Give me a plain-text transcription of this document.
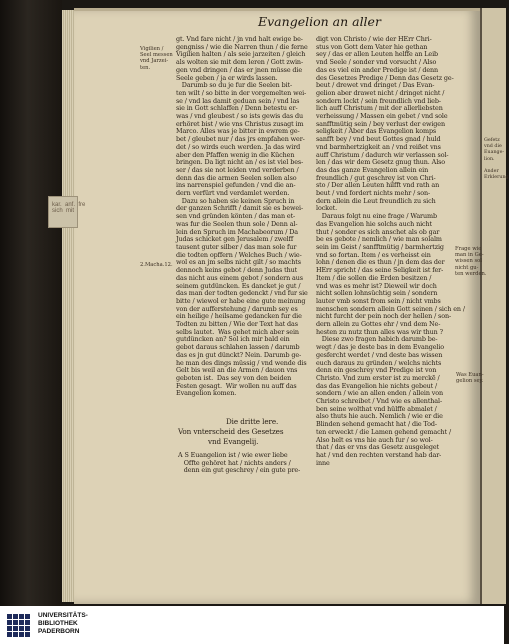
Gefetz
vnd die
Euange-
lion.

Ander
Erklerung
kar.  anf.  fre
sich  mit
Evangelion an aller
Vigilien /
Seel messen
vnd Jarzei-
ten.
2.Macha.12.
Frage wie
man in Ge-
wissen sol
nicht gu-
ten werden.
Was Euan-
gelion sey.
gt. Vnd fare nicht / jn vnd halt ewige be-
gengniss / wie die Narren thun / die ferne
Vigilien halten / als seie jarzeiten / gleich
als wolten sie mit dem leren / Gott zwin-
gen vnd dringen / das er jnen müsse die
Seele geben / ja er wirds lassen.
Darumb so du je fur die Seelen bit-
ten wilt / so bitte in der vorgemelten wei-
se / vnd las damit geduan sein / vnd las
sie in Gott schlaffen / Denn betestu er-
was / vnd gleubest / so ists gewis das du
erhöret bist / wie vns Christus zusagt im
Marco. Alles was je bitter in ewrem ge-
bet / gleubet nur / das jrs empfahen wer-
det / so wirds euch werden. Ja das wird
aber den Pfaffen wenig in die Küchen
bringen. Da ligt nicht an / es ist viel bes-
ser / das sie not leiden vnd verderben /
denn das die armen Seelen sollen also
ins narrenspiel gefunden / vnd die an-
dern verfürt vnd verdamlet werden.
Dazu so haben sie keinen Spruch in
der ganzen Schrifft / damit sie es bewei-
sen vnd gründen könten / das man et-
was fur die Seelen thun sole / Denn al-
lein den Spruch im Machabeorum / Da
Judas schicket gen Jerusalem / zwelff
tausent guter silber / das man sole fur
die todten opffern / Welches Buch / wie-
wol es an jm selbs nicht gilt / so machts
dennoch keins gebot / denn Judas thut
das nicht aus einem gebot / sondern aus
seinem gutdüncken. Es dancket je gut /
das man der todten gedenckt / vnd fur sie
bitte / wiewol er habe eine gute meinung
von der aufferstehung / darumb sey es
ein heilige / heilsame gedancken fur die
Todten zu bitten / Wie der Text hat das
selbs lautet.  Was gehet mich aber sein
gutdüncken an? Sol ich mir bald ein
gebot daraus schlahen lassen / darumb
das es jn gut dünckt? Nein. Darumb ge-
he man des dings müssig / vnd wende dis
Gelt bis weil an die Armen / dauon vns
geboten ist.  Das sey von den beiden
Festen gesagt.  Wir wollen nu auff das
Evangelion komen.
Die dritte lere.
Von vnterscheid des Gesetzes
vnd Evangelij.
A S Euangelion ist / wie ewer liebe
Offte gehöret hat / nichts anders /
denn ein gut geschrey / ein gute pre-
digt von Christo / wie der HErr Chri-
stus von Gott dem Vater hie gethan
sey / das er allen Leuten helffe an Leib
vnd Seele / sonder vnd vorsucht / Also
das es viel ein ander Predige ist / denn
des Gesetzes Predige / Denn das Gesetz ge-
beut / drewet vnd dringet / Das Evan-
gelion aber drawet nicht / dringet nicht /
sondern lockt / sein freundlich vnd lieb-
lich auff Christum / mit der allerliebsten
verheissung / Massen ein gebet / vnd sole
sanfftmütig sein / bey verlust der ewigen
seligkeit / Aber das Evangelion komps
sanfft bey / vnd beut Gottes gnad / huld
vnd barmhertzigkeit an / vnd reißet vns
auff Christum / dadurch wir verlassen sol-
len / das wir dem Gesetz gnug thun. Also
das das ganze Evangelion allein ein
freundlich / gut geschrey ist von Chri-
sto / Der allen Leuten hilfft vnd rath an
beut / vnd fordert nichts mehr / son-
dern allein die Leut freundlich zu sich
locket.
Daraus folgt nu eine frage / Warumb
das Evangelion hie solchs auch nicht
thut / sonder es sich anschet als ob gar
be es gebote / nemlich / wie man solalm
sein im Geist / sanfftmütig / barmhertzig
vnd so fortan. Item / es verheisst ein
lohn / denen die es thun / jn dem das der
HErr spricht / das seine Seligkeit ist fer-
Item / die sollen die Erden besitzen /
vnd was es mehr ist? Dieweil wir doch
nicht sollen lohnsüchtig sein / sondern
lauter vmb sonst from sein / nicht vmbs
menschen sondern allein Gott seinen / sich en /
nicht furcht der pein noch der hellen / son-
dern allein zu Gottes ehr / vnd dem Ne-
hesten zu nutz thun alles was wir thun ?
Diese zwo fragen habich darumb be-
wegt / das je deste bas in dem Evangelio
gesfercht werdet / vnd deste bas wissen
euch daraus zu gründen / welchs nichts
denn ein geschrey vnd Predige ist von
Christo. Vnd zum erster ist zu merckẽ /
das das Evangelion hie nichts gebeut /
sondern / wie an allen enden / allein von
Christo schreibet / Vnd wie es allenthal-
ben seine wolthat vnd hülffe abmalet /
also thuts hie auch. Nemlich / wie er die
Blinden sehend gemacht hat / die Tod-
ten erweckt / die Lamen gehend gemacht /
Also helt es vns hie auch fur / so wol-
that / das er vns das Gesetz ausgeleget
hat / vnd den rechten verstand hab dar-
inne
UNIVERSITÄTS-
BIBLIOTHEK
PADERBORN
